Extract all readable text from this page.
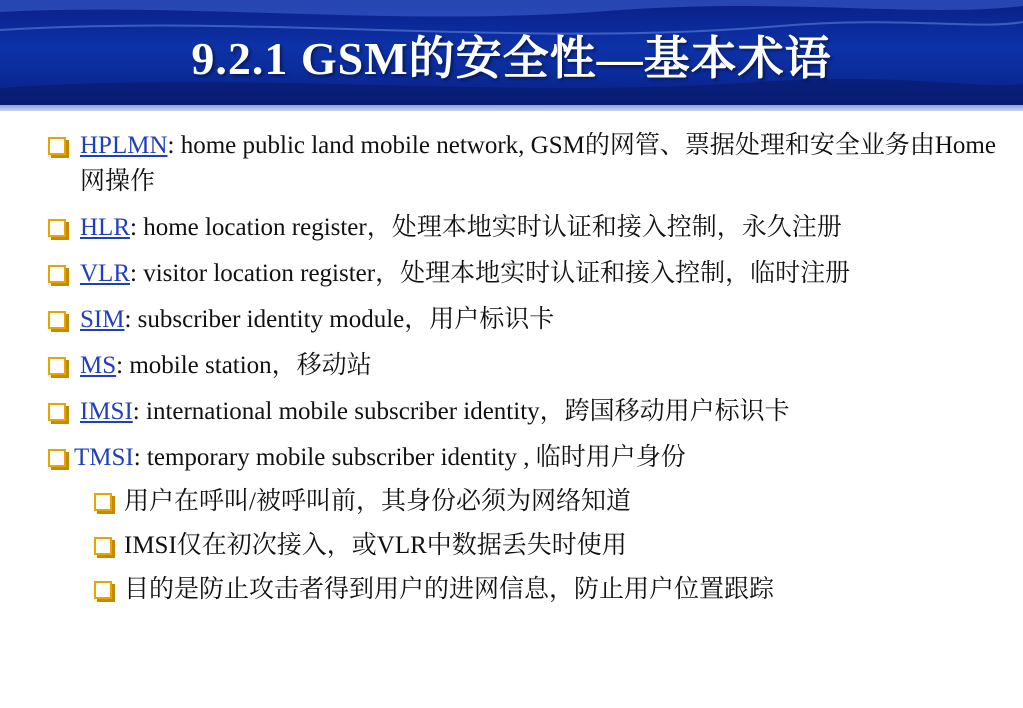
9.2.1 GSM的安全性—基本术语
HPLMN: home public land mobile network, GSM的网管、票据处理和安全业务由Home网操作
HLR: home location register，处理本地实时认证和接入控制，永久注册
VLR: visitor location register，处理本地实时认证和接入控制，临时注册
SIM: subscriber identity module，用户标识卡
MS: mobile station，移动站
IMSI: international mobile subscriber identity，跨国移动用户标识卡
TMSI: temporary mobile subscriber identity , 临时用户身份
用户在呼叫/被呼叫前，其身份必须为网络知道
IMSI仅在初次接入，或VLR中数据丢失时使用
目的是防止攻击者得到用户的进网信息，防止用户位置跟踪
